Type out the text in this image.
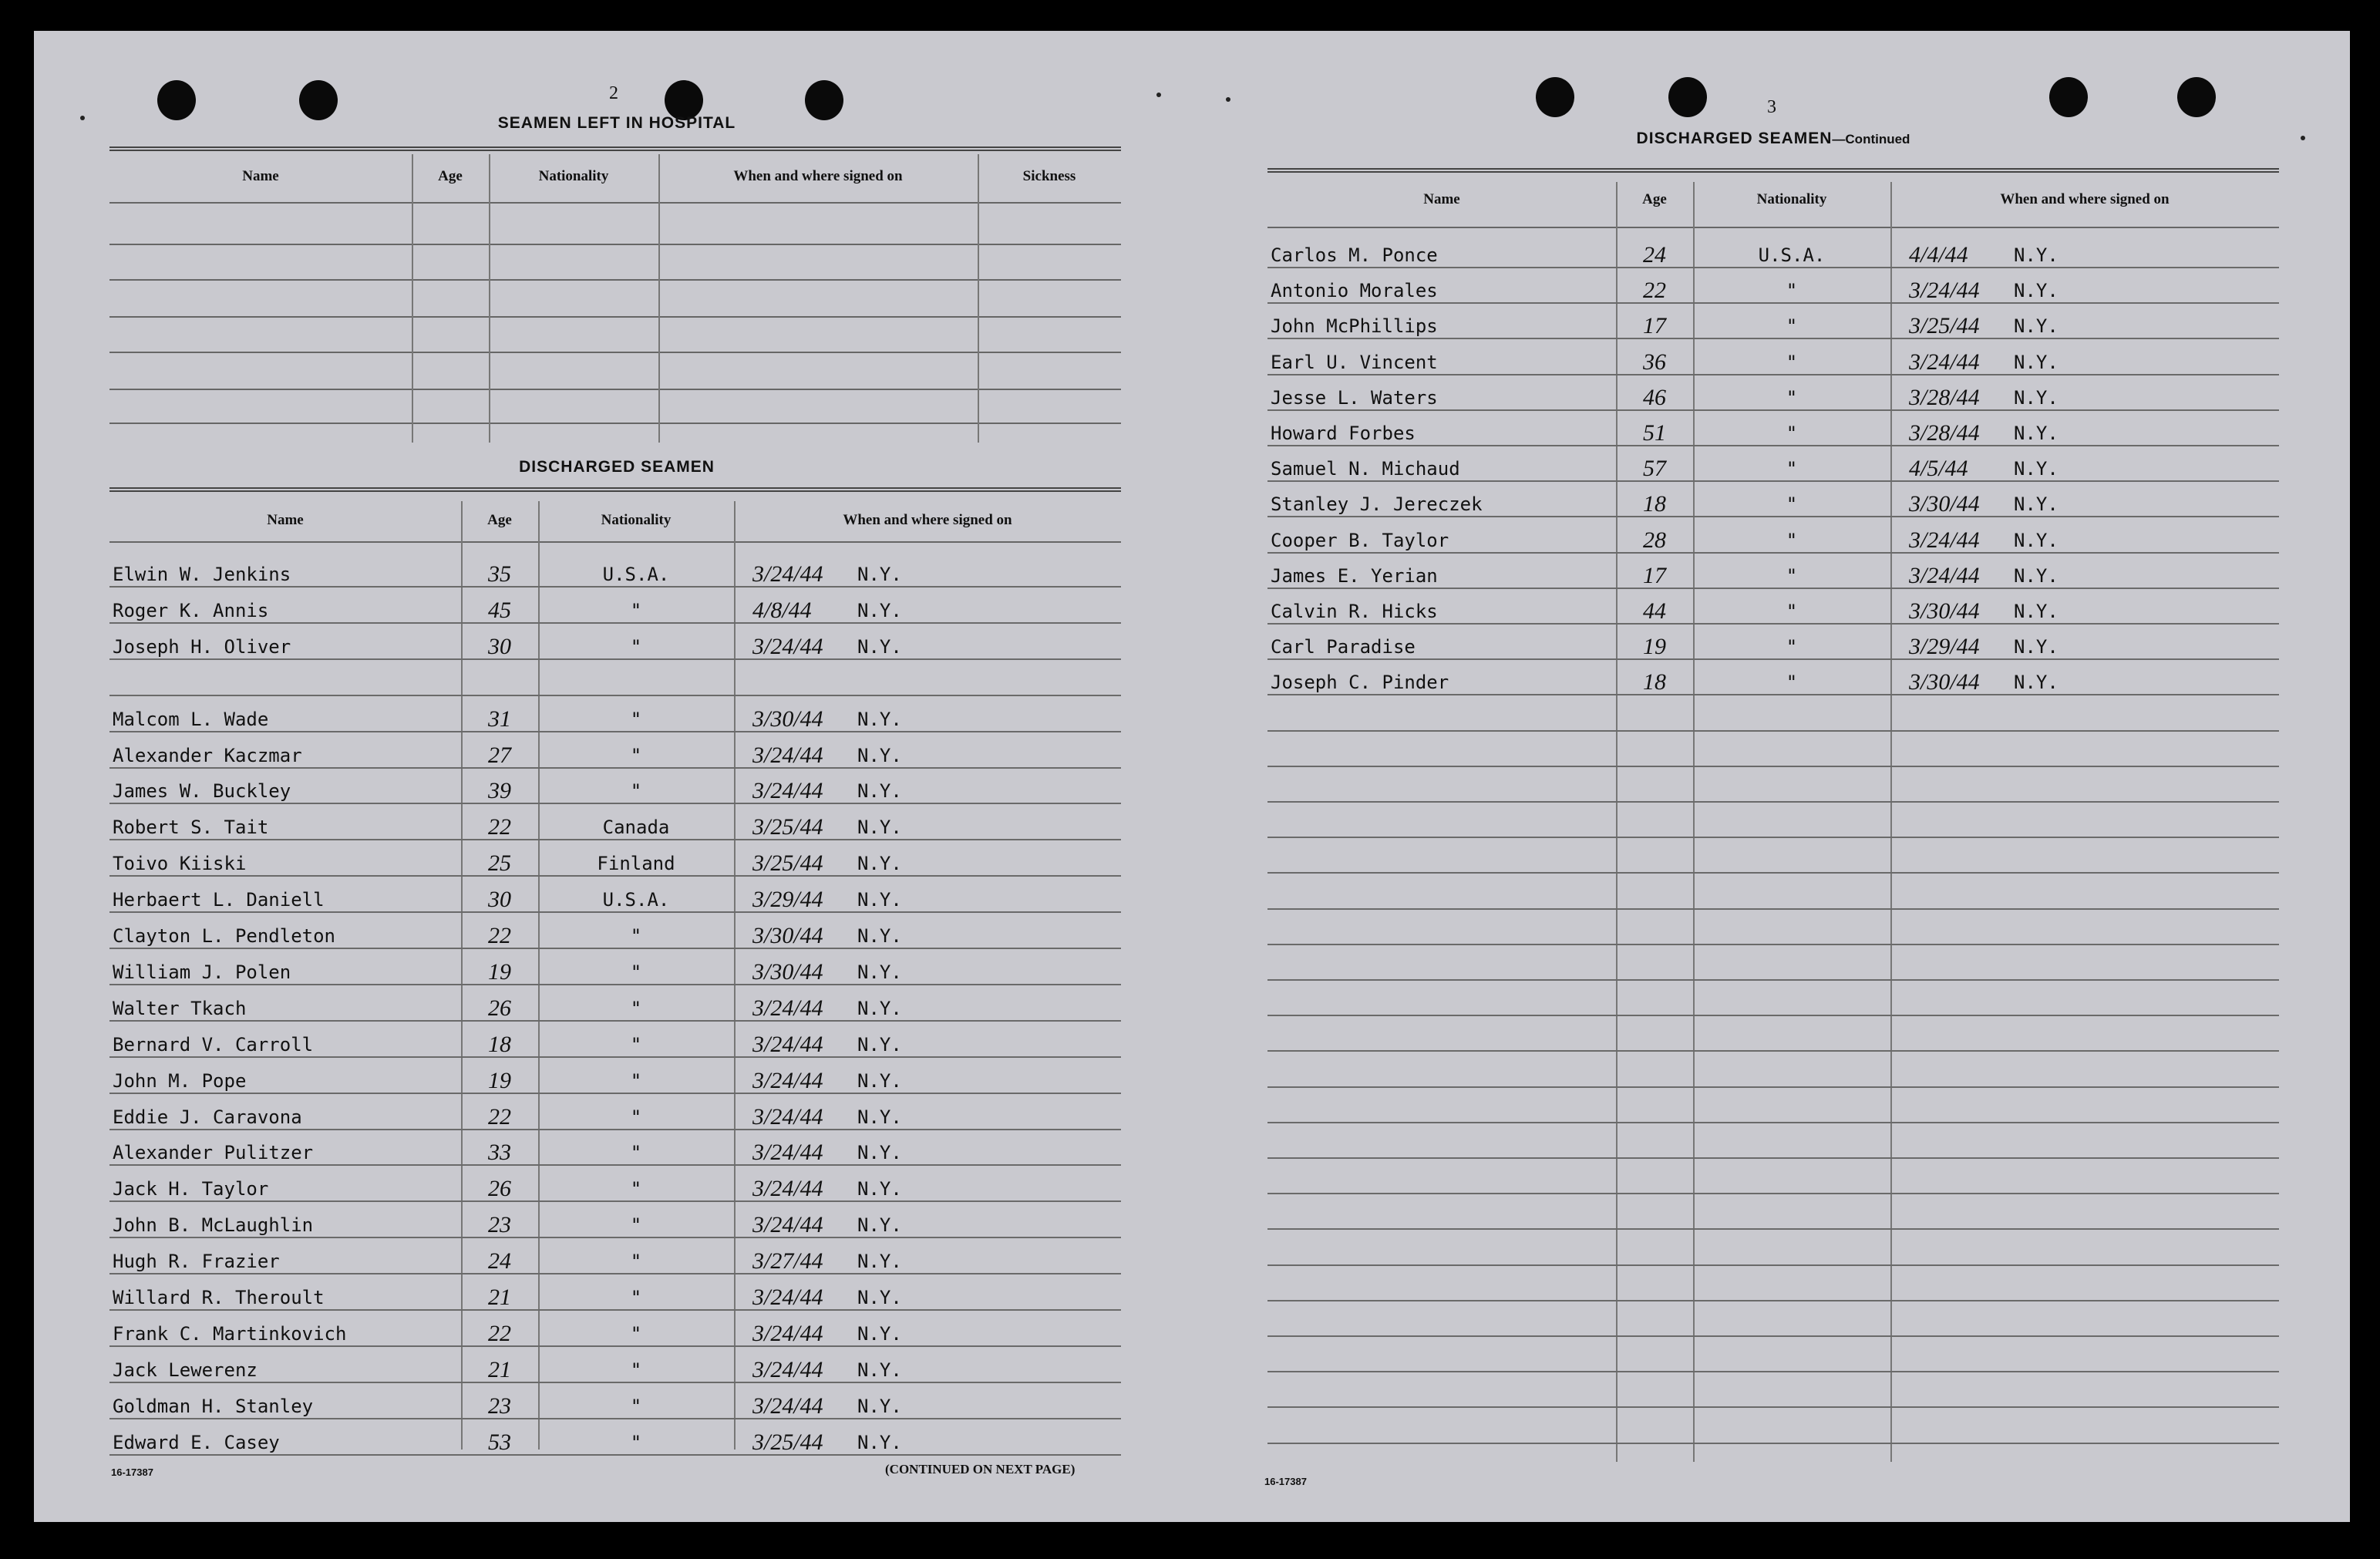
2
SEAMEN LEFT IN HOSPITAL
Name	Age	Nationality	When and where signed on	Sickness
DISCHARGED SEAMEN
Name	Age	Nationality	When and where signed on
Elwin W. Jenkins	35	U.S.A.	3/24/44 N.Y.
Roger K. Annis	45	"	4/8/44 N.Y.
Joseph H. Oliver	30	"	3/24/44 N.Y.
Malcom L. Wade	31	"	3/30/44 N.Y.
Alexander Kaczmar	27	"	3/24/44 N.Y.
James W. Buckley	39	"	3/24/44 N.Y.
Robert S. Tait	22	Canada	3/25/44 N.Y.
Toivo Kiiski	25	Finland	3/25/44 N.Y.
Herbaert L. Daniell	30	U.S.A.	3/29/44 N.Y.
Clayton L. Pendleton	22	"	3/30/44 N.Y.
William J. Polen	19	"	3/30/44 N.Y.
Walter Tkach	26	"	3/24/44 N.Y.
Bernard V. Carroll	18	"	3/24/44 N.Y.
John M. Pope	19	"	3/24/44 N.Y.
Eddie J. Caravona	22	"	3/24/44 N.Y.
Alexander Pulitzer	33	"	3/24/44 N.Y.
Jack H. Taylor	26	"	3/24/44 N.Y.
John B. McLaughlin	23	"	3/24/44 N.Y.
Hugh R. Frazier	24	"	3/27/44 N.Y.
Willard R. Theroult	21	"	3/24/44 N.Y.
Frank C. Martinkovich	22	"	3/24/44 N.Y.
Jack Lewerenz	21	"	3/24/44 N.Y.
Goldman H. Stanley	23	"	3/24/44 N.Y.
Edward E. Casey	53	"	3/25/44 N.Y.
16-17387	(CONTINUED ON NEXT PAGE)
3
DISCHARGED SEAMEN—Continued
Name	Age	Nationality	When and where signed on
Carlos M. Ponce	24	U.S.A.	4/4/44 N.Y.
Antonio Morales	22	"	3/24/44 N.Y.
John McPhillips	17	"	3/25/44 N.Y.
Earl U. Vincent	36	"	3/24/44 N.Y.
Jesse L. Waters	46	"	3/28/44 N.Y.
Howard Forbes	51	"	3/28/44 N.Y.
Samuel N. Michaud	57	"	4/5/44 N.Y.
Stanley J. Jereczek	18	"	3/30/44 N.Y.
Cooper B. Taylor	28	"	3/24/44 N.Y.
James E. Yerian	17	"	3/24/44 N.Y.
Calvin R. Hicks	44	"	3/30/44 N.Y.
Carl Paradise	19	"	3/29/44 N.Y.
Joseph C. Pinder	18	"	3/30/44 N.Y.
16-17387
